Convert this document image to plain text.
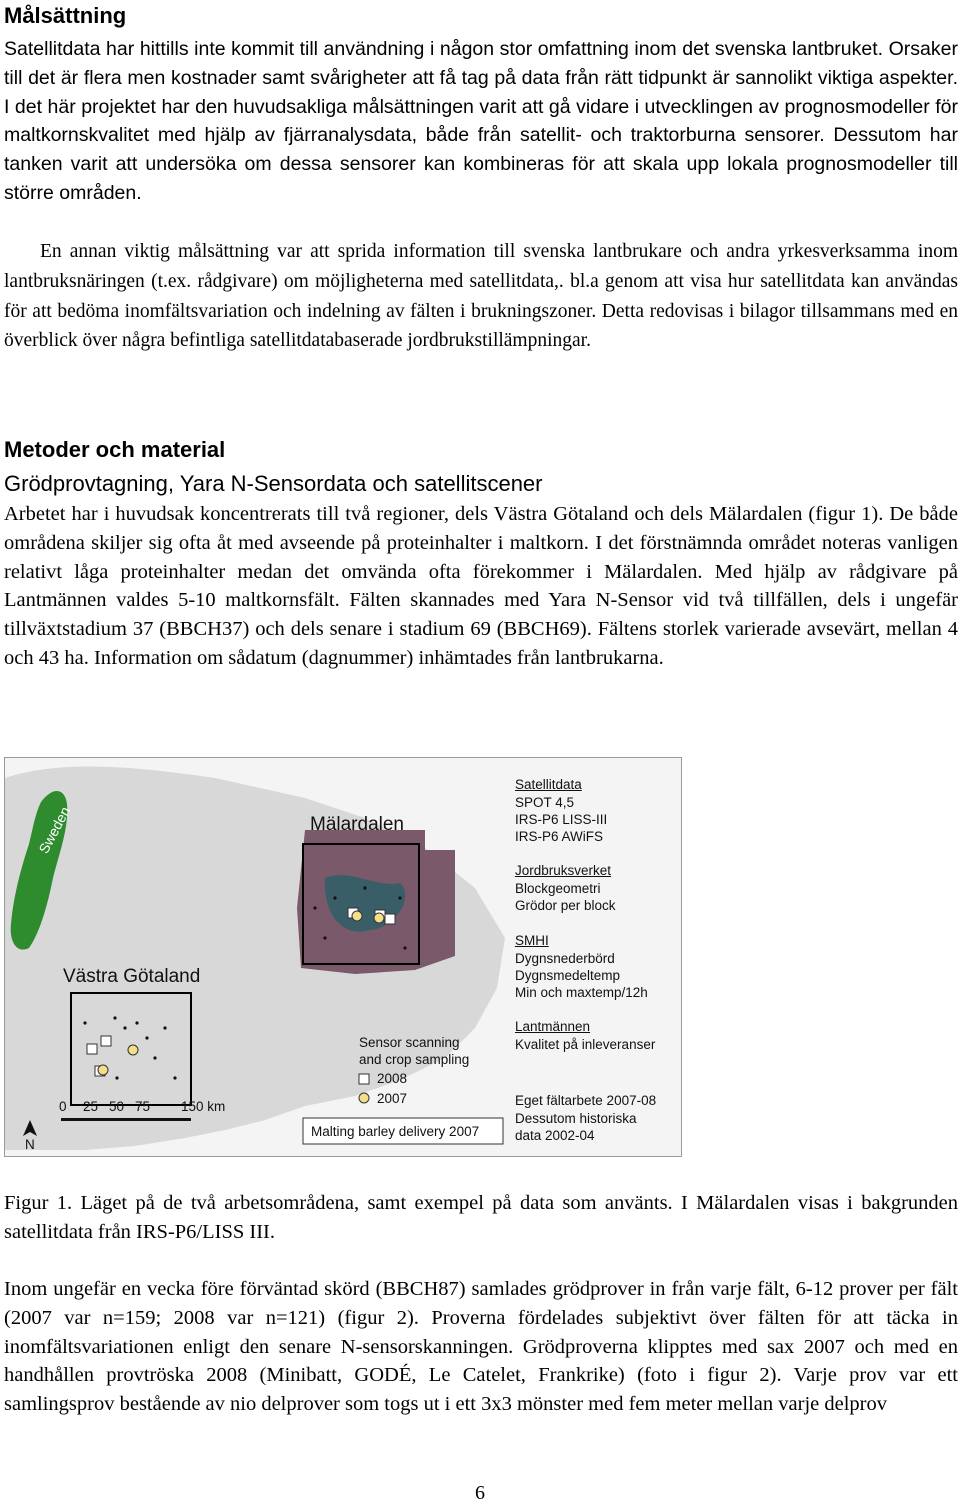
Målsättning

Satellitdata har hittills inte kommit till användning i någon stor omfattning inom det svenska lantbruket. Orsaker till det är flera men kostnader samt svårigheter att få tag på data från rätt tidpunkt är sannolikt viktiga aspekter. I det här projektet har den huvudsakliga målsättningen varit att gå vidare i utvecklingen av prognosmodeller för maltkornskvalitet med hjälp av fjärranalysdata, både från satellit- och traktorburna sensorer. Dessutom har tanken varit att undersöka om dessa sensorer kan kombineras för att skala upp lokala prognosmodeller till större områden.

En annan viktig målsättning var att sprida information till svenska lantbrukare och andra yrkesverksamma inom lantbruksnäringen (t.ex. rådgivare) om möjligheterna med satellitdata,. bl.a genom att visa hur satellitdata kan användas för att bedöma inomfältsvariation och indelning av fälten i brukningszoner. Detta redovisas i bilagor tillsammans med en överblick över några befintliga satellitdatabaserade jordbrukstillämpningar.

Metoder och material
Grödprovtagning, Yara N-Sensordata och satellitscener

Arbetet har i huvudsak koncentrerats till två regioner, dels Västra Götaland och dels Mälardalen (figur 1). De både områdena skiljer sig ofta åt med avseende på proteinhalter i maltkorn. I det förstnämnda området noteras vanligen relativt låga proteinhalter medan det omvända ofta förekommer i Mälardalen. Med hjälp av rådgivare på Lantmännen valdes 5-10 maltkornsfält. Fälten skannades med Yara N-Sensor vid två tillfällen, dels i ungefär tillväxtstadium 37 (BBCH37) och dels senare i stadium 69 (BBCH69). Fältens storlek varierade avsevärt, mellan 4 och 43 ha. Information om sådatum (dagnummer) inhämtades från lantbrukarna.

Sweden	Mälardalen
Västra Götaland
N
0 25 50 75 150 km
Sensor scanning
and crop sampling
2008
2007
Malting barley delivery 2007
Satellitdata
SPOT 4,5
IRS-P6 LISS-III
IRS-P6 AWiFS
Jordbruksverket
Blockgeometri
Grödor per block
SMHI
Dygnsnederbörd
Dygnsmedeltemp
Min och maxtemp/12h
Lantmännen
Kvalitet på inleveranser
Eget fältarbete 2007-08
Dessutom historiska
data 2002-04

Figur 1. Läget på de två arbetsområdena, samt exempel på data som använts. I Mälardalen visas i bakgrunden satellitdata från IRS-P6/LISS III.

Inom ungefär en vecka före förväntad skörd (BBCH87) samlades grödprover in från varje fält, 6-12 prover per fält (2007 var n=159; 2008 var n=121) (figur 2). Proverna fördelades subjektivt över fälten för att täcka in inomfältsvariationen enligt den senare N-sensorskanningen. Grödproverna klipptes med sax 2007 och med en handhållen provtröska 2008 (Minibatt, GODÉ, Le Catelet, Frankrike) (foto i figur 2). Varje prov var ett samlingsprov bestående av nio delprover som togs ut i ett 3x3 mönster med fem meter mellan varje delprov

6
